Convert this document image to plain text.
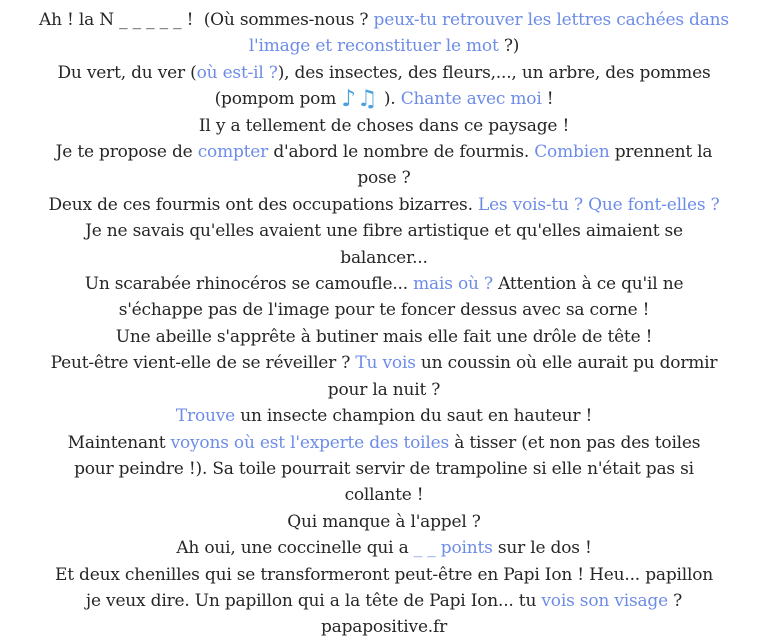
Ah ! la N _ _ _ _ _ !  (Où sommes-nous ? peux-tu retrouver les lettres cachées dans
l'image et reconstituer le mot ?)
Du vert, du ver (où est-il ?), des insectes, des fleurs,..., un arbre, des pommes
(pompom pom ♪♫ ). Chante avec moi !
Il y a tellement de choses dans ce paysage !
Je te propose de compter d'abord le nombre de fourmis. Combien prennent la
pose ?
Deux de ces fourmis ont des occupations bizarres. Les vois-tu ? Que font-elles ?
Je ne savais qu'elles avaient une fibre artistique et qu'elles aimaient se
balancer...
Un scarabée rhinocéros se camoufle... mais où ? Attention à ce qu'il ne
s'échappe pas de l'image pour te foncer dessus avec sa corne !
Une abeille s'apprête à butiner mais elle fait une drôle de tête !
Peut-être vient-elle de se réveiller ? Tu vois un coussin où elle aurait pu dormir
pour la nuit ?
Trouve un insecte champion du saut en hauteur !
Maintenant voyons où est l'experte des toiles à tisser (et non pas des toiles
pour peindre !). Sa toile pourrait servir de trampoline si elle n'était pas si
collante !
Qui manque à l'appel ?
Ah oui, une coccinelle qui a _ _ points sur le dos !
Et deux chenilles qui se transformeront peut-être en Papi Ion ! Heu... papillon
je veux dire. Un papillon qui a la tête de Papi Ion... tu vois son visage ?
papapositive.fr
